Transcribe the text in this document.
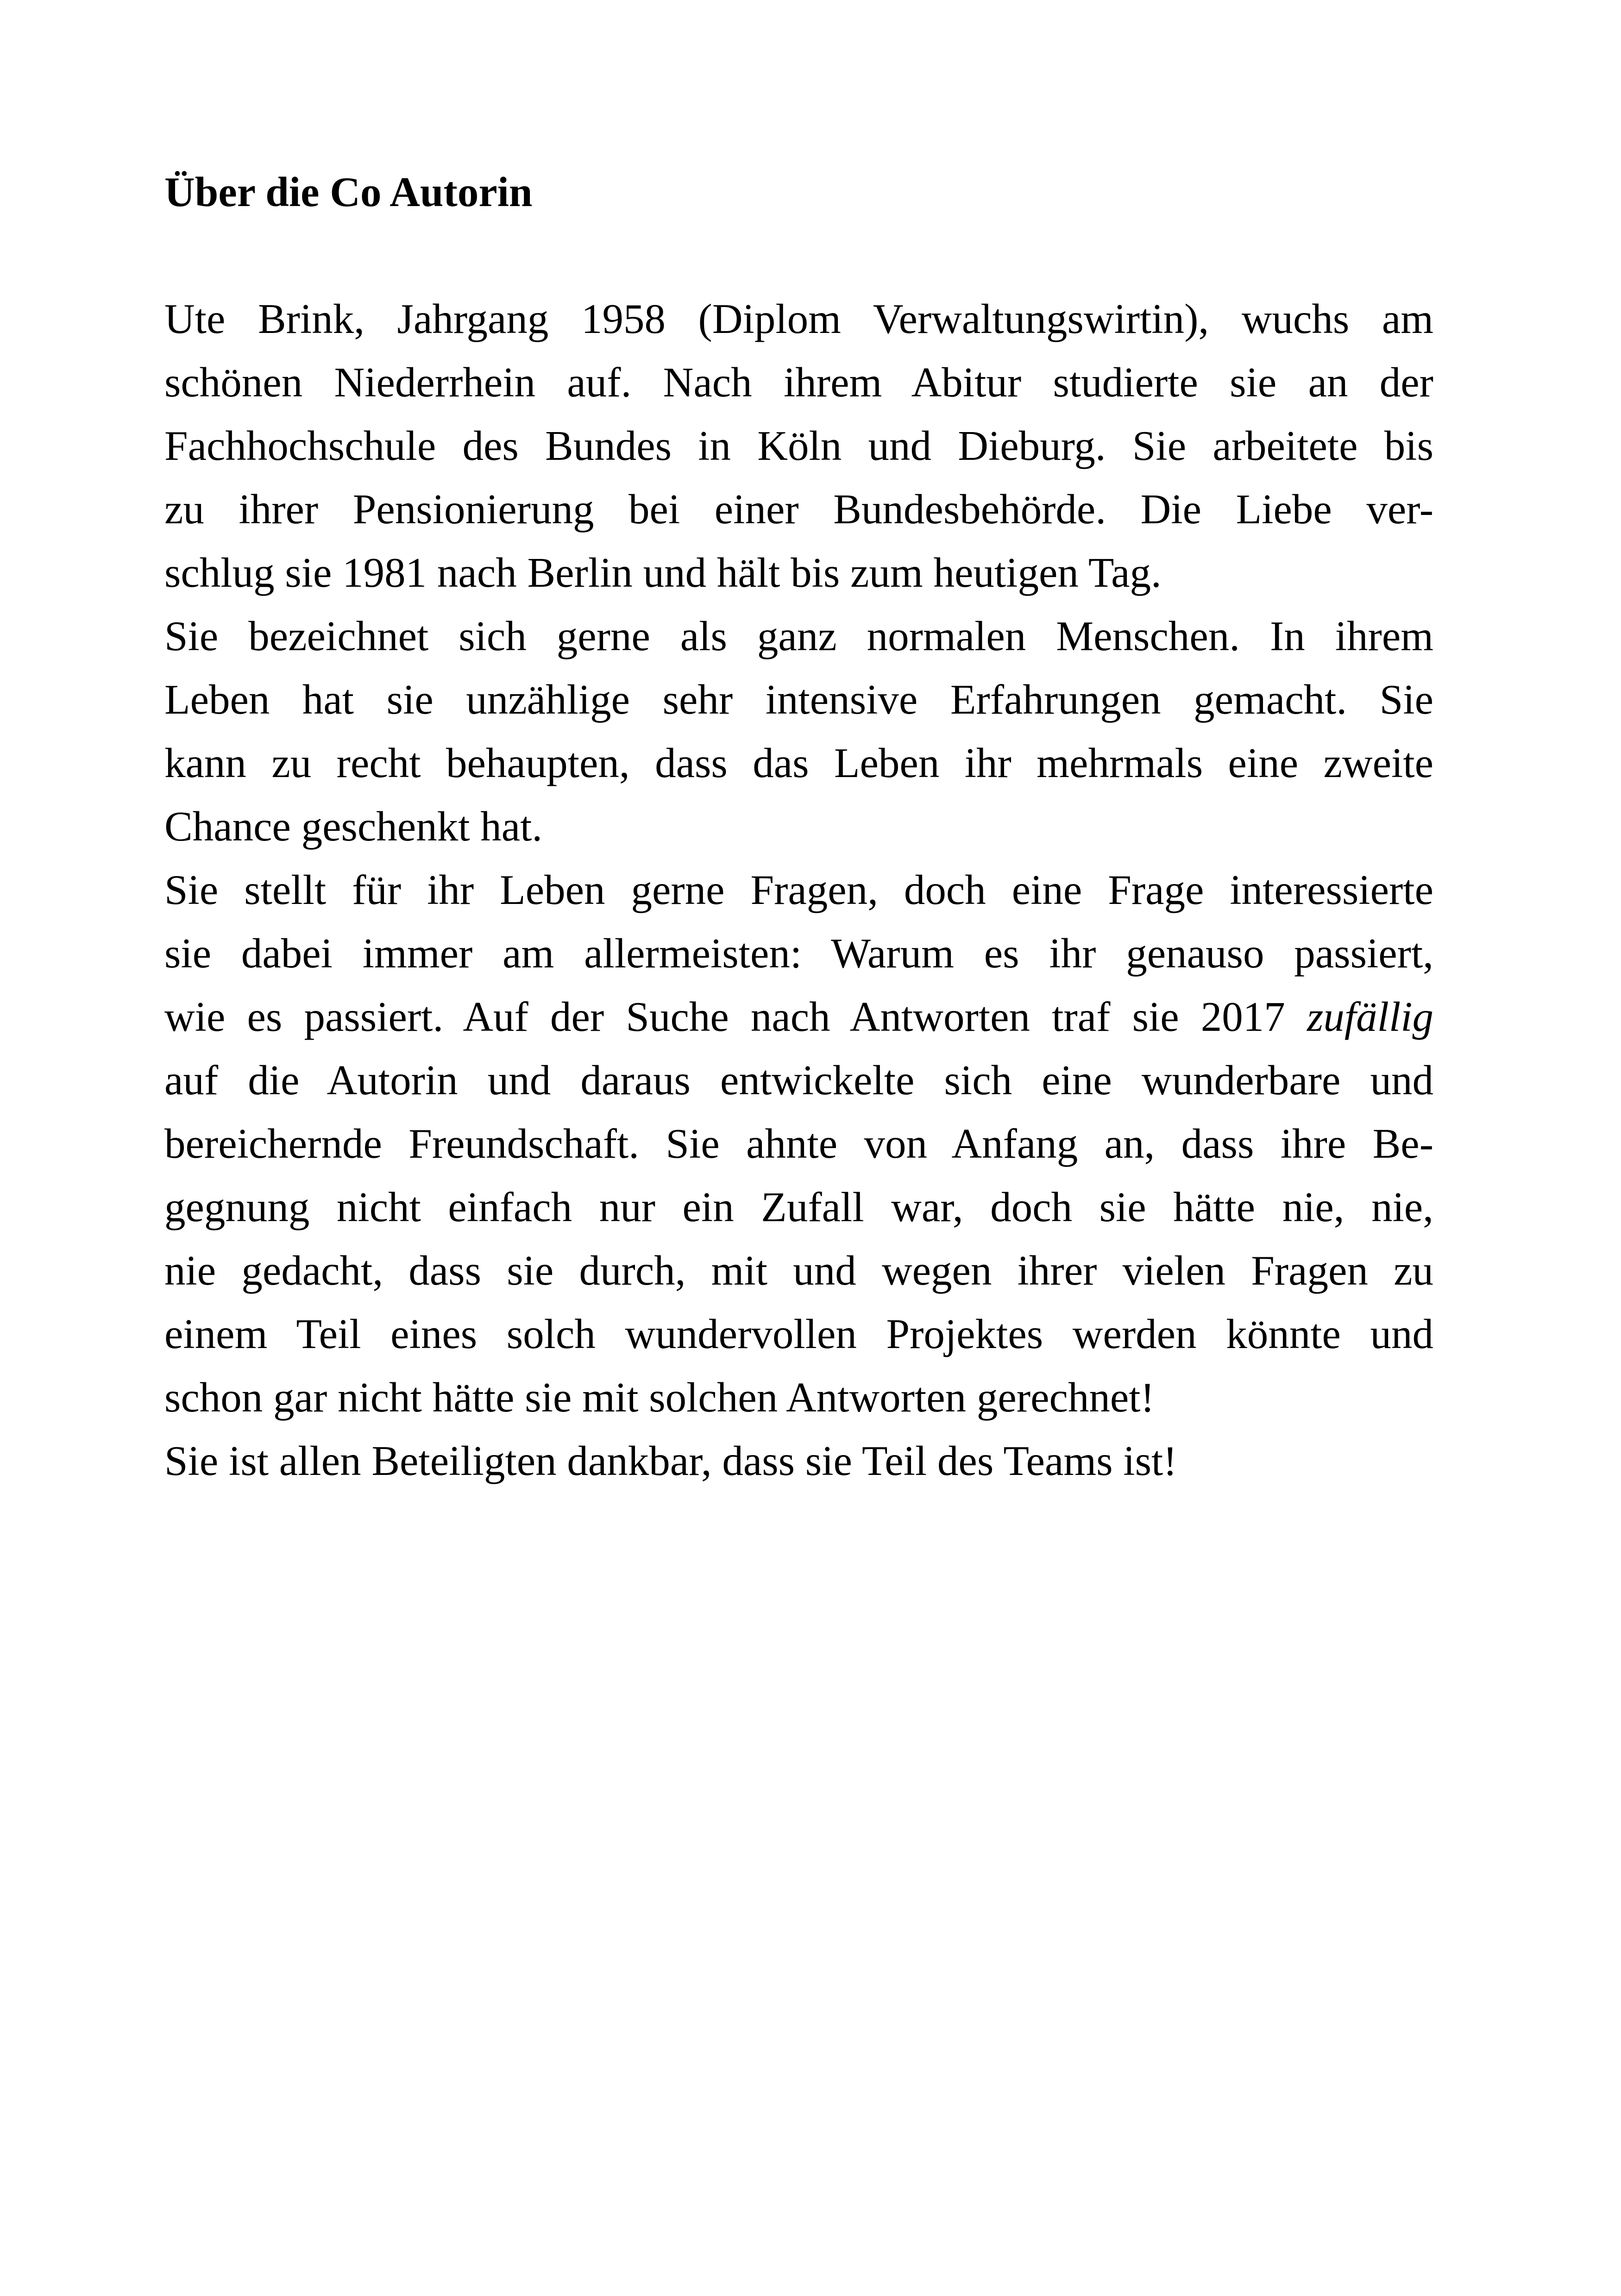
Über die Co Autorin
Ute Brink, Jahrgang 1958 (Diplom Verwaltungswirtin), wuchs am
schönen Niederrhein auf. Nach ihrem Abitur studierte sie an der
Fachhochschule des Bundes in Köln und Dieburg. Sie arbeitete bis
zu ihrer Pensionierung bei einer Bundesbehörde. Die Liebe ver-
schlug sie 1981 nach Berlin und hält bis zum heutigen Tag.
Sie bezeichnet sich gerne als ganz normalen Menschen. In ihrem
Leben hat sie unzählige sehr intensive Erfahrungen gemacht. Sie
kann zu recht behaupten, dass das Leben ihr mehrmals eine zweite
Chance geschenkt hat.
Sie stellt für ihr Leben gerne Fragen, doch eine Frage interessierte
sie dabei immer am allermeisten: Warum es ihr genauso passiert,
wie es passiert. Auf der Suche nach Antworten traf sie 2017 zufällig
auf die Autorin und daraus entwickelte sich eine wunderbare und
bereichernde Freundschaft. Sie ahnte von Anfang an, dass ihre Be-
gegnung nicht einfach nur ein Zufall war, doch sie hätte nie, nie,
nie gedacht, dass sie durch, mit und wegen ihrer vielen Fragen zu
einem Teil eines solch wundervollen Projektes werden könnte und
schon gar nicht hätte sie mit solchen Antworten gerechnet!
Sie ist allen Beteiligten dankbar, dass sie Teil des Teams ist!
